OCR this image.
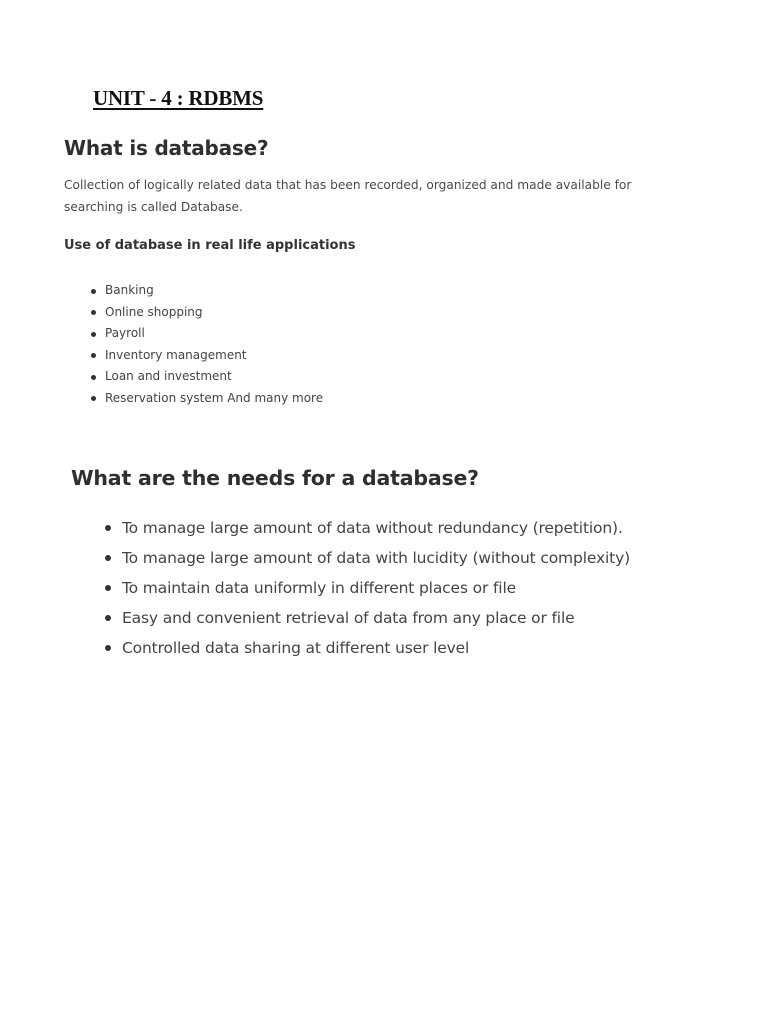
UNIT - 4 : RDBMS
What is database?

Collection of logically related data that has been recorded, organized and made available for searching is called Database.

Use of database in real life applications
Banking
Online shopping
Payroll
Inventory management
Loan and investment
Reservation system And many more
What are the needs for a database?
To manage large amount of data without redundancy (repetition).
To manage large amount of data with lucidity (without complexity)
To maintain data uniformly in different places or file
Easy and convenient retrieval of data from any place or file
Controlled data sharing at different user level
